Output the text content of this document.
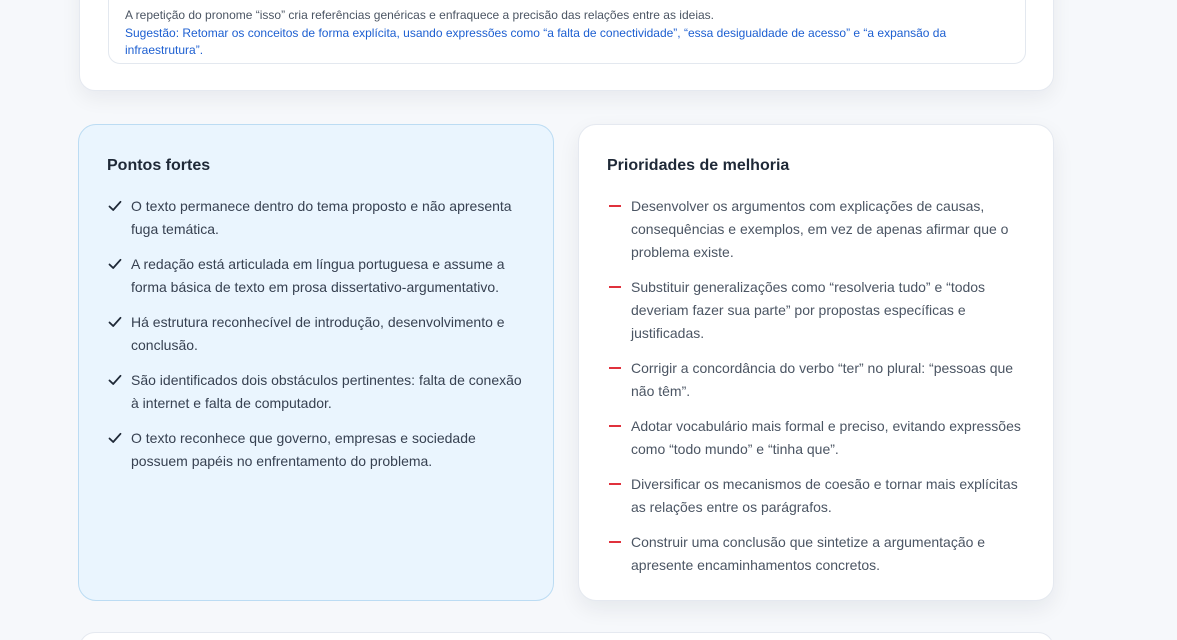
A repetição do pronome “isso” cria referências genéricas e enfraquece a precisão das relações entre as ideias.

Sugestão: Retomar os conceitos de forma explícita, usando expressões como “a falta de conectividade”, “essa desigualdade de acesso” e “a expansão da infraestrutura”.

Pontos fortes
O texto permanece dentro do tema proposto e não apresenta fuga temática.
A redação está articulada em língua portuguesa e assume a forma básica de texto em prosa dissertativo-argumentativo.
Há estrutura reconhecível de introdução, desenvolvimento e conclusão.
São identificados dois obstáculos pertinentes: falta de conexão à internet e falta de computador.
O texto reconhece que governo, empresas e sociedade possuem papéis no enfrentamento do problema.
Prioridades de melhoria
Desenvolver os argumentos com explicações de causas, consequências e exemplos, em vez de apenas afirmar que o problema existe.
Substituir generalizações como “resolveria tudo” e “todos deveriam fazer sua parte” por propostas específicas e justificadas.
Corrigir a concordância do verbo “ter” no plural: “pessoas que não têm”.
Adotar vocabulário mais formal e preciso, evitando expressões como “todo mundo” e “tinha que”.
Diversificar os mecanismos de coesão e tornar mais explícitas as relações entre os parágrafos.
Construir uma conclusão que sintetize a argumentação e apresente encaminhamentos concretos.
